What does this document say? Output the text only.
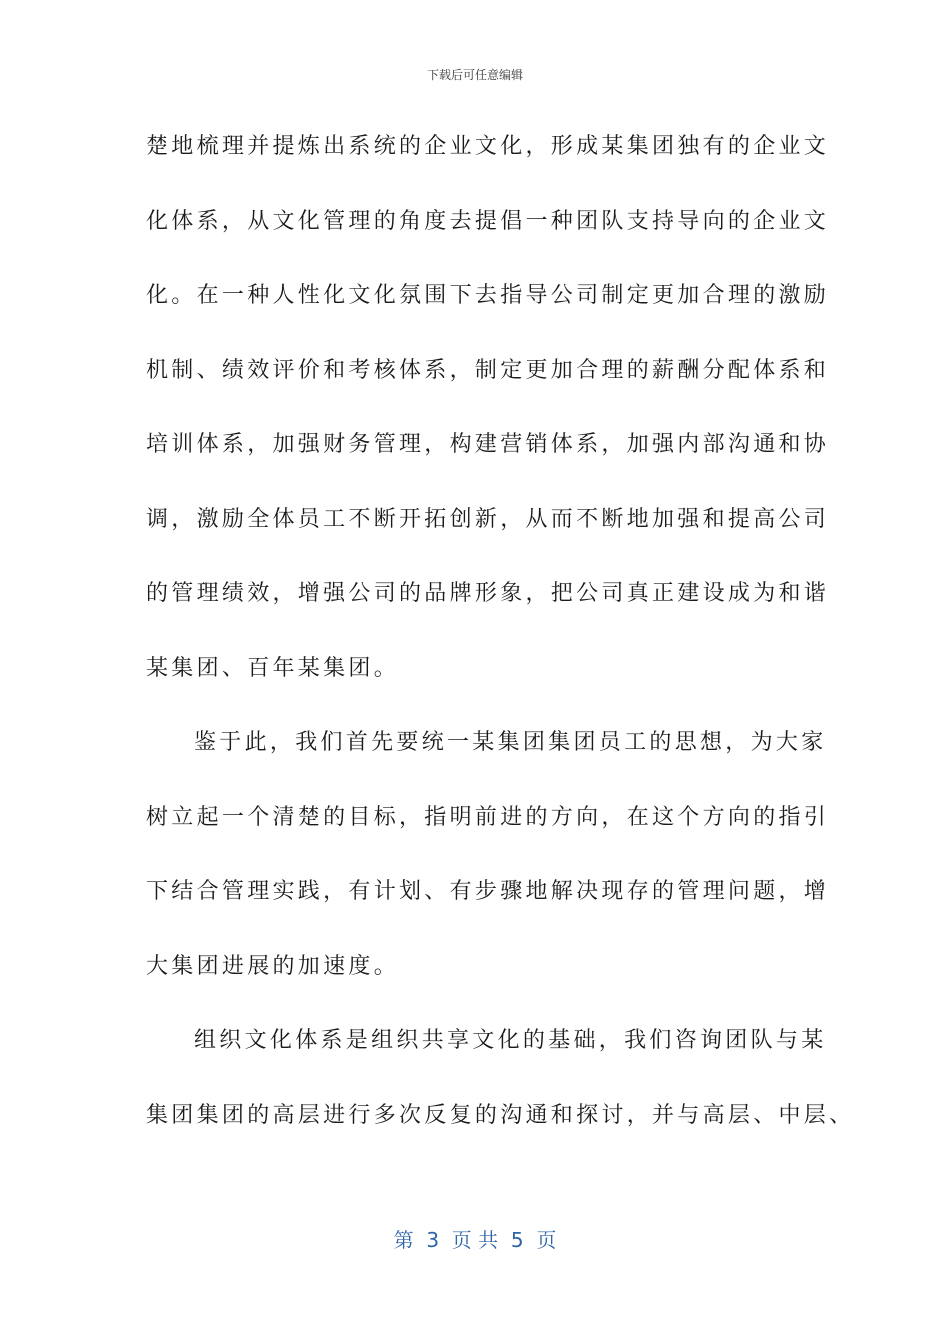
下载后可任意编辑
楚地梳理并提炼出系统的企业文化，形成某集团独有的企业文
化体系，从文化管理的角度去提倡一种团队支持导向的企业文
化。在一种人性化文化氛围下去指导公司制定更加合理的激励
机制、绩效评价和考核体系，制定更加合理的薪酬分配体系和
培训体系，加强财务管理，构建营销体系，加强内部沟通和协
调，激励全体员工不断开拓创新，从而不断地加强和提高公司
的管理绩效，增强公司的品牌形象，把公司真正建设成为和谐
某集团、百年某集团。
鉴于此，我们首先要统一某集团集团员工的思想，为大家
树立起一个清楚的目标，指明前进的方向，在这个方向的指引
下结合管理实践，有计划、有步骤地解决现存的管理问题，增
大集团进展的加速度。
组织文化体系是组织共享文化的基础，我们咨询团队与某
集团集团的高层进行多次反复的沟通和探讨，并与高层、中层、
第  3  页 共  5  页
